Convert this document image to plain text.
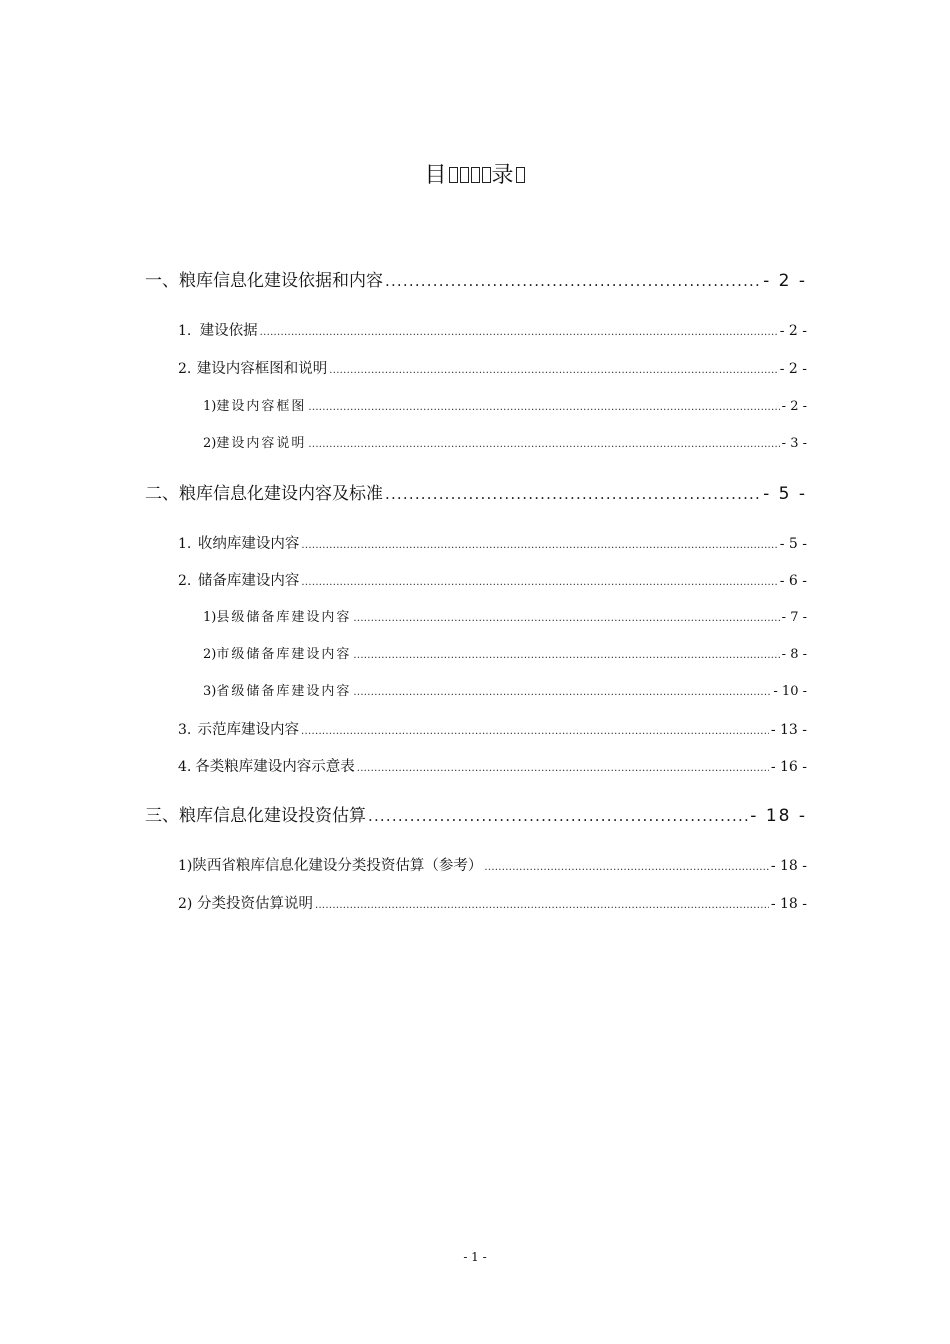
目 录
一、 粮库信息化建设依据和内容 .....	- 2 -
1. 建设依据 .....	- 2 -
2. 建设内容框图和说明 .....	- 2 -
1) 建设内容框图 .....	- 2 -
2) 建设内容说明 .....	- 3 -
二、 粮库信息化建设内容及标准 .....	- 5 -
1. 收纳库建设内容 .....	- 5 -
2. 储备库建设内容 .....	- 6 -
1) 县级储备库建设内容 .....	- 7 -
2) 市级储备库建设内容 .....	- 8 -
3) 省级储备库建设内容 .....	- 10 -
3. 示范库建设内容 .....	- 13 -
4. 各类粮库建设内容示意表 .....	- 16 -
三、 粮库信息化建设投资估算 .....	- 18 -
1) 陕西省粮库信息化建设分类投资估算（参考） .....	- 18 -
2) 分类投资估算说明 .....	- 18 -
- 1 -
